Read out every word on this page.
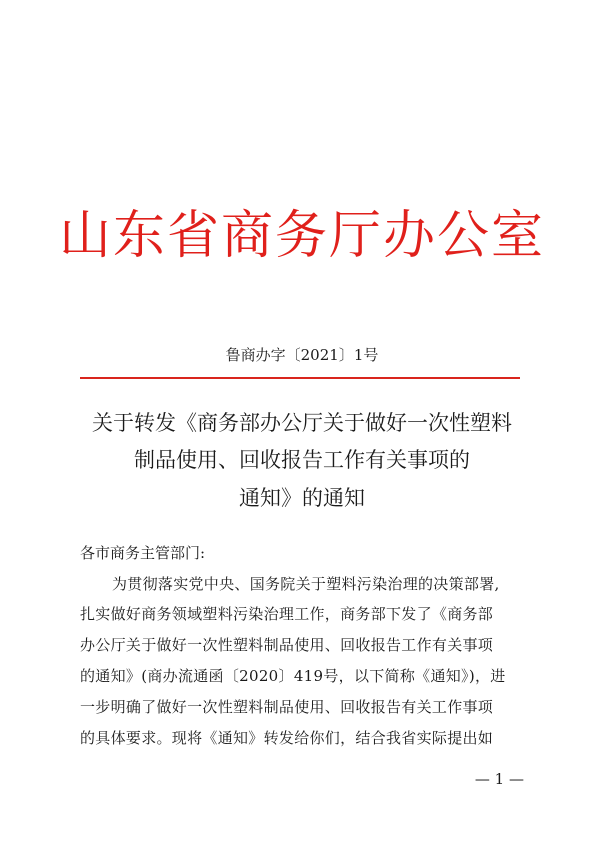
山东省商务厅办公室
鲁商办字〔2021〕1号
关于转发《商务部办公厅关于做好一次性塑料
制品使用、回收报告工作有关事项的
通知》的通知
各市商务主管部门:
为贯彻落实党中央、国务院关于塑料污染治理的决策部署,
扎实做好商务领域塑料污染治理工作，商务部下发了《商务部
办公厅关于做好一次性塑料制品使用、回收报告工作有关事项
的通知》(商办流通函〔2020〕419号，以下简称《通知》)，进
一步明确了做好一次性塑料制品使用、回收报告有关工作事项
的具体要求。现将《通知》转发给你们，结合我省实际提出如
— 1 —
